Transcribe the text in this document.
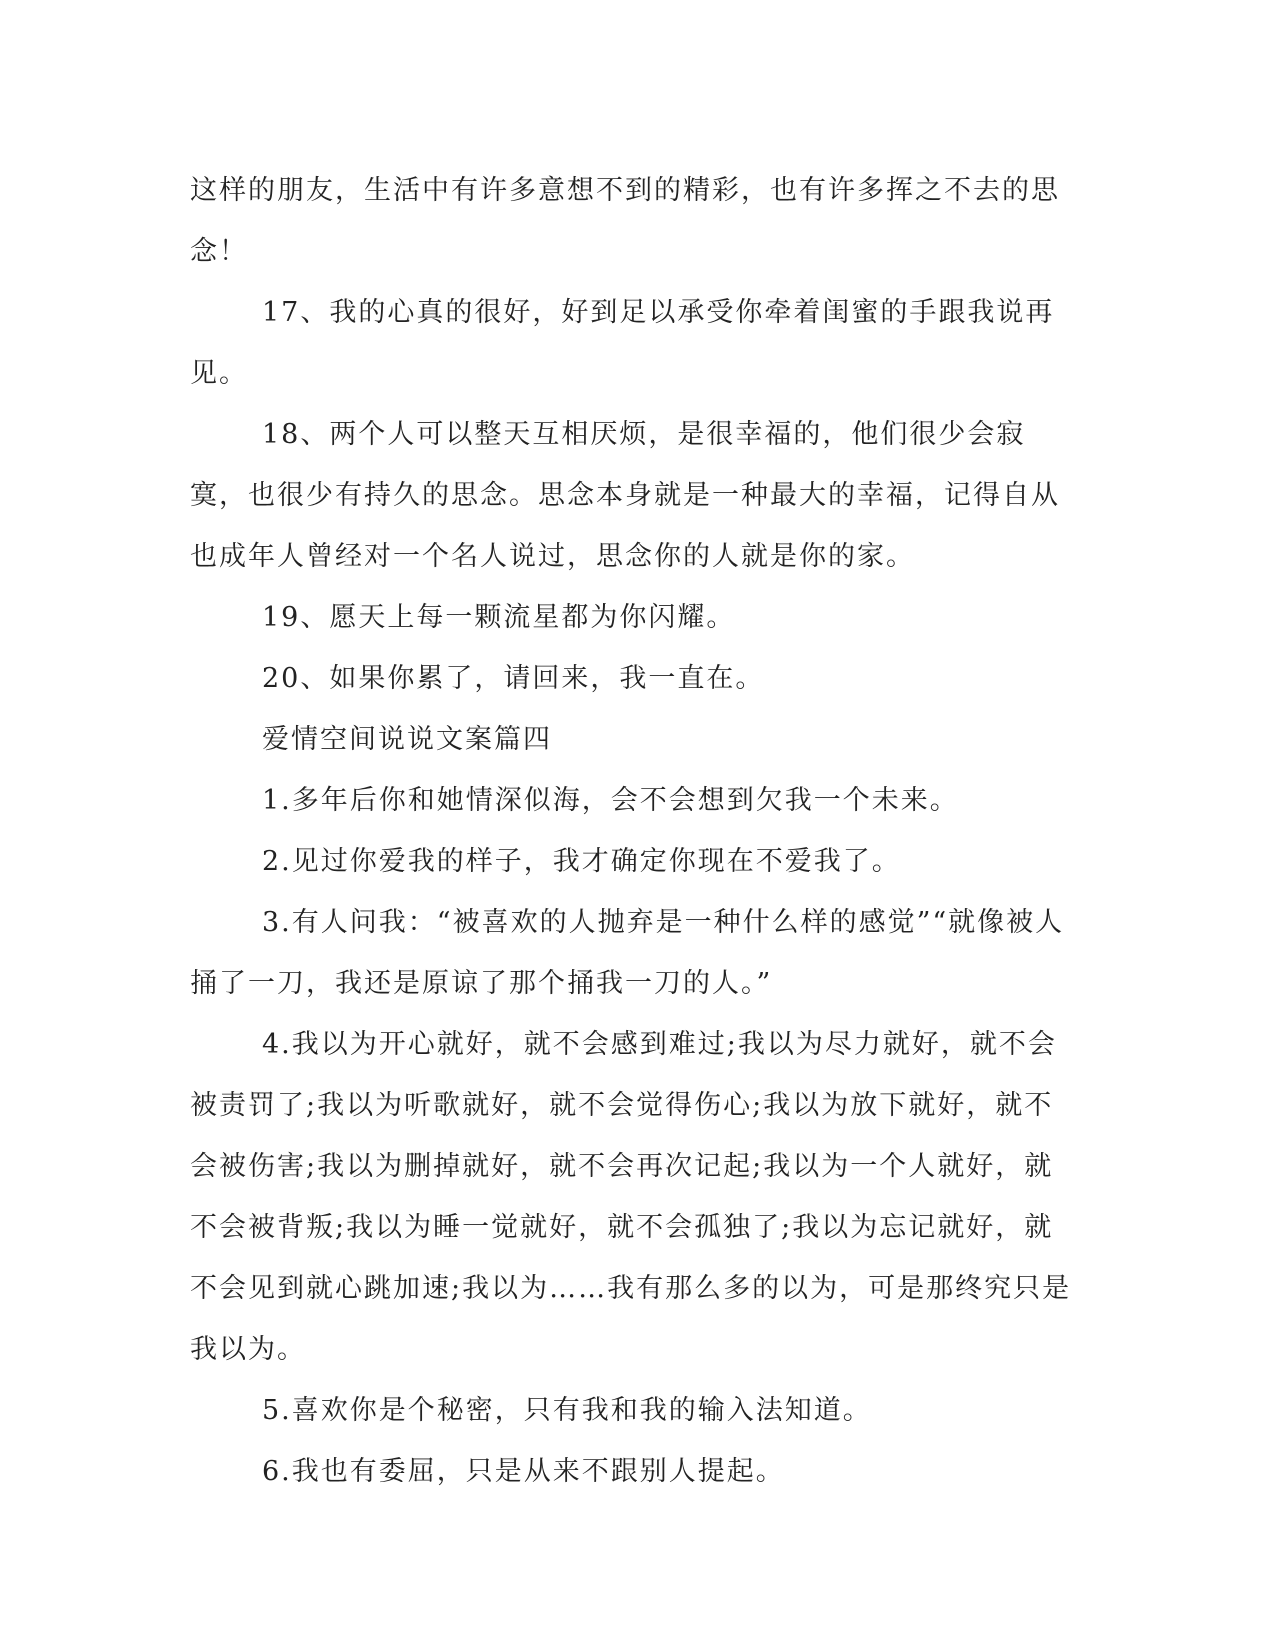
这样的朋友，生活中有许多意想不到的精彩，也有许多挥之不去的思念！

17、我的心真的很好，好到足以承受你牵着闺蜜的手跟我说再见。

18、两个人可以整天互相厌烦，是很幸福的，他们很少会寂寞，也很少有持久的思念。思念本身就是一种最大的幸福，记得自从也成年人曾经对一个名人说过，思念你的人就是你的家。

19、愿天上每一颗流星都为你闪耀。

20、如果你累了，请回来，我一直在。

爱情空间说说文案篇四

1.多年后你和她情深似海，会不会想到欠我一个未来。

2.见过你爱我的样子，我才确定你现在不爱我了。

3.有人问我：“被喜欢的人抛弃是一种什么样的感觉”“就像被人捅了一刀，我还是原谅了那个捅我一刀的人。”

4.我以为开心就好，就不会感到难过;我以为尽力就好，就不会被责罚了;我以为听歌就好，就不会觉得伤心;我以为放下就好，就不会被伤害;我以为删掉就好，就不会再次记起;我以为一个人就好，就不会被背叛;我以为睡一觉就好，就不会孤独了;我以为忘记就好，就不会见到就心跳加速;我以为……我有那么多的以为，可是那终究只是我以为。

5.喜欢你是个秘密，只有我和我的输入法知道。

6.我也有委屈，只是从来不跟别人提起。
